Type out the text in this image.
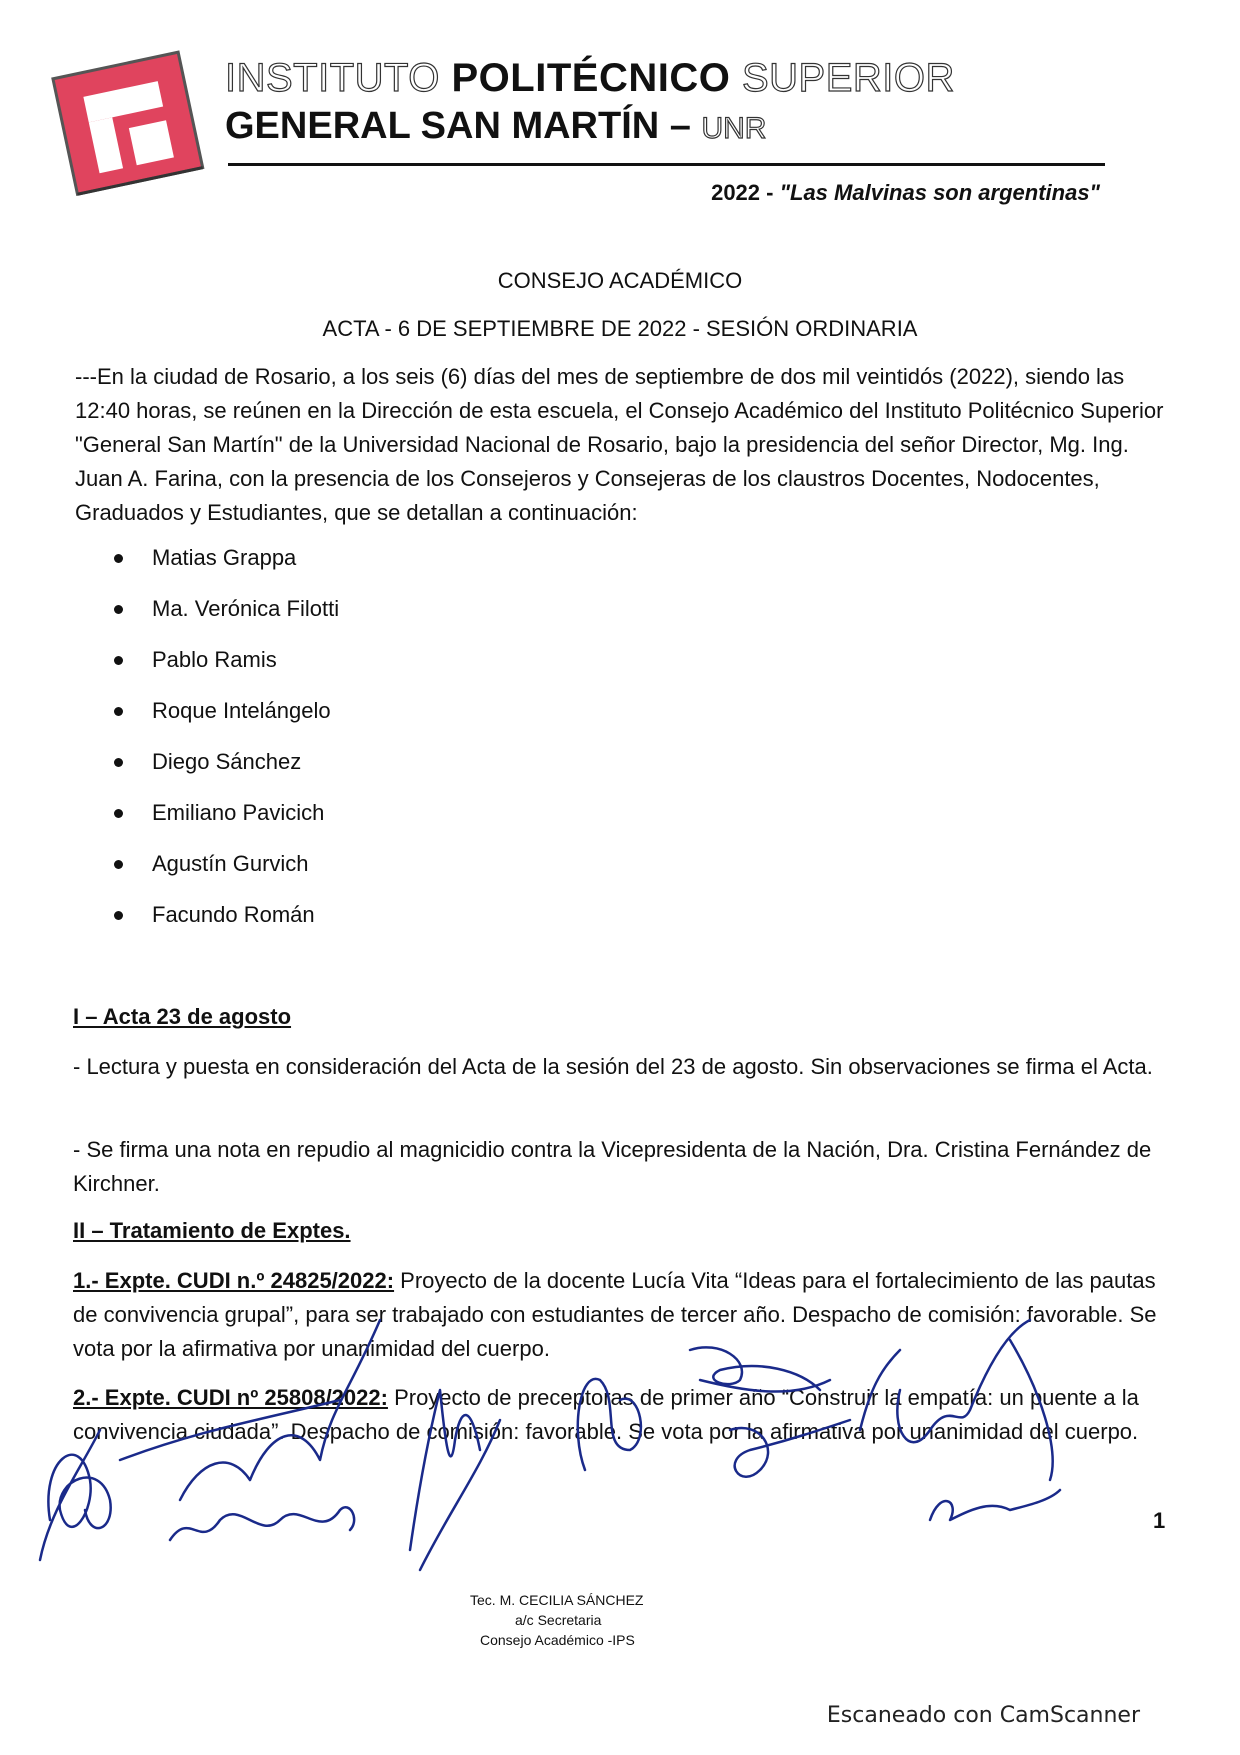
INSTITUTO POLITÉCNICO SUPERIOR
GENERAL SAN MARTÍN – UNR
2022 - "Las Malvinas son argentinas"
CONSEJO ACADÉMICO
ACTA - 6 DE SEPTIEMBRE DE 2022 - SESIÓN ORDINARIA
---En la ciudad de Rosario, a los seis (6) días del mes de septiembre de dos mil veintidós (2022), siendo las 12:40 horas, se reúnen en la Dirección de esta escuela, el Consejo Académico del Instituto Politécnico Superior "General San Martín" de la Universidad Nacional de Rosario, bajo la presidencia del señor Director, Mg. Ing. Juan A. Farina, con la presencia de los Consejeros y Consejeras de los claustros Docentes, Nodocentes, Graduados y Estudiantes, que se detallan a continuación:
Matias Grappa
Ma. Verónica Filotti
Pablo Ramis
Roque Intelángelo
Diego Sánchez
Emiliano Pavicich
Agustín Gurvich
Facundo Román
I – Acta 23 de agosto
- Lectura y puesta en consideración del Acta de la sesión del 23 de agosto. Sin observaciones se firma el Acta.
- Se firma una nota en repudio al magnicidio contra la Vicepresidenta de la Nación, Dra. Cristina Fernández de Kirchner.
II – Tratamiento de Exptes.
1.- Expte. CUDI n.º 24825/2022: Proyecto de la docente Lucía Vita “Ideas para el fortalecimiento de las pautas de convivencia grupal”, para ser trabajado con estudiantes de tercer año. Despacho de comisión: favorable. Se vota por la afirmativa por unanimidad del cuerpo.
2.- Expte. CUDI nº 25808/2022: Proyecto de preceptoras de primer año “Construir la empatía: un puente a la convivencia ciudada”. Despacho de comisión: favorable. Se vota por la afirmativa por unanimidad del cuerpo.
1
Tec. M. CECILIA SÁNCHEZ
a/c Secretaria
Consejo Académico -IPS
Escaneado con CamScanner
